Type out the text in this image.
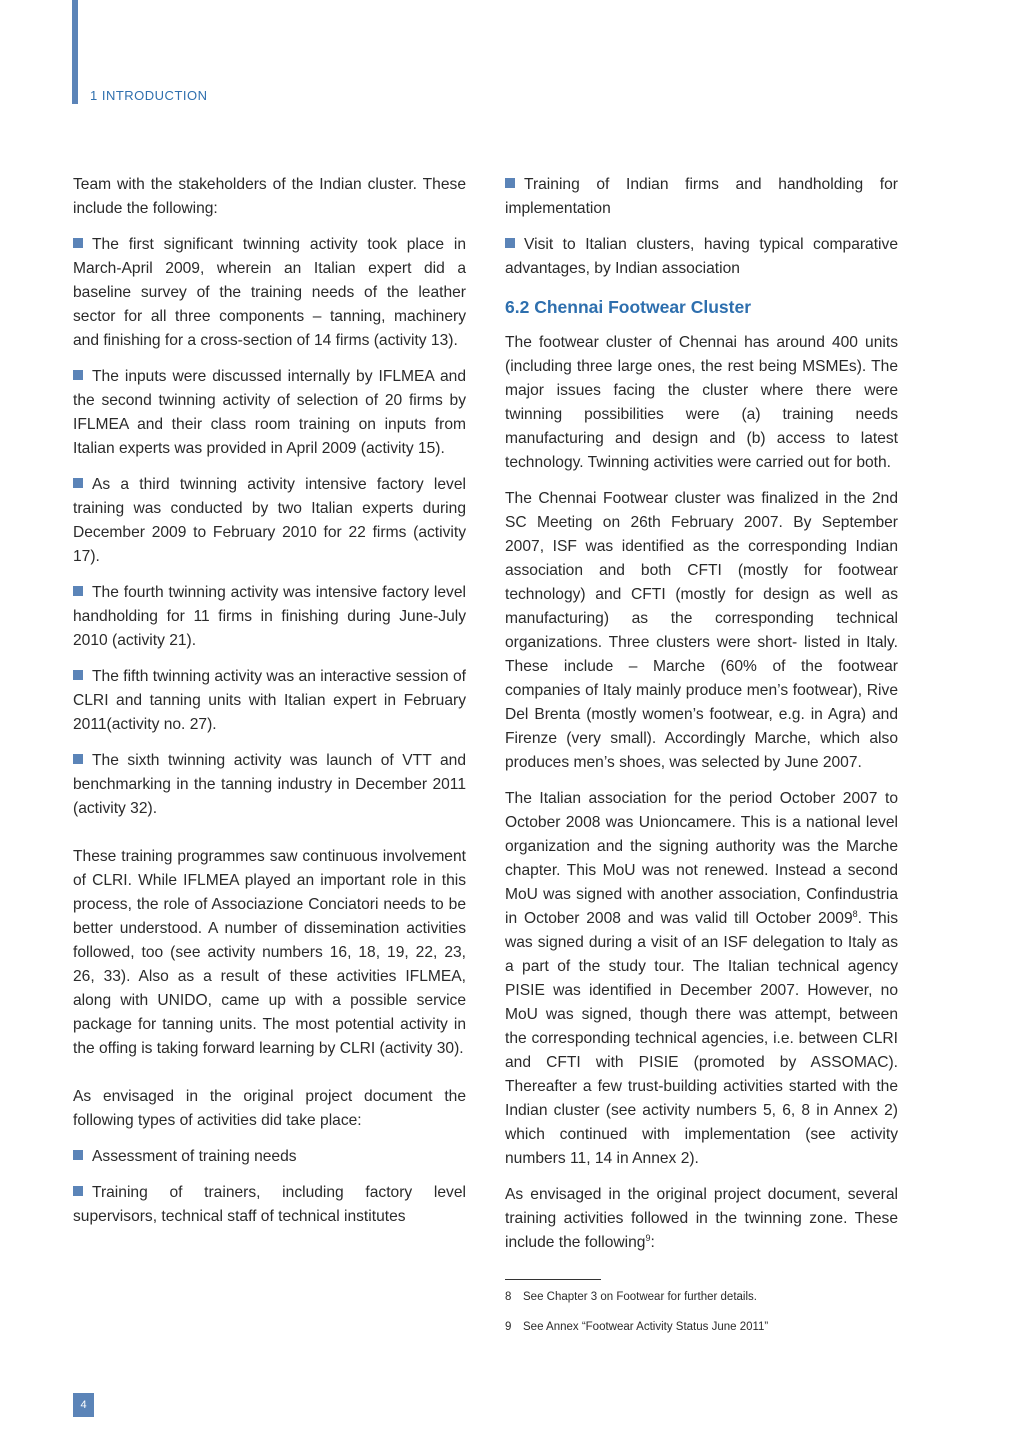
1 INTRODUCTION

Team with the stakeholders of the Indian cluster. These include the following:

The first significant twinning activity took place in March-April 2009, wherein an Italian expert did a baseline survey of the training needs of the leather sector for all three components – tanning, machinery and finishing for a cross-section of 14 firms (activity 13).

The inputs were discussed internally by IFLMEA and the second twinning activity of selection of 20 firms by IFLMEA and their class room training on inputs from Italian experts was provided in April 2009 (activity 15).

As a third twinning activity intensive factory level training was conducted by two Italian experts during December 2009 to February 2010 for 22 firms (activity 17).

The fourth twinning activity was intensive factory level handholding for 11 firms in finishing during June-July 2010 (activity 21).

The fifth twinning activity was an interactive session of CLRI and tanning units with Italian expert in February 2011(activity no. 27).

The sixth twinning activity was launch of VTT and benchmarking in the tanning industry in December 2011 (activity 32).

These training programmes saw continuous involvement of CLRI. While IFLMEA played an important role in this process, the role of Associazione Conciatori needs to be better understood. A number of dissemination activities followed, too (see activity numbers 16, 18, 19, 22, 23, 26, 33). Also as a result of these activities IFLMEA, along with UNIDO, came up with a possible service package for tanning units. The most potential activity in the offing is taking forward learning by CLRI (activity 30).

As envisaged in the original project document the following types of activities did take place:

Assessment of training needs

Training of trainers, including factory level supervisors, technical staff of technical institutes

Training of Indian firms and handholding for implementation

Visit to Italian clusters, having typical comparative advantages, by Indian association

6.2 Chennai Footwear Cluster

The footwear cluster of Chennai has around 400 units (including three large ones, the rest being MSMEs). The major issues facing the cluster where there were twinning possibilities were (a) training needs manufacturing and design and (b) access to latest technology. Twinning activities were carried out for both.

The Chennai Footwear cluster was finalized in the 2nd SC Meeting on 26th February 2007. By September 2007, ISF was identified as the corresponding Indian association and both CFTI (mostly for footwear technology) and CFTI (mostly for design as well as manufacturing) as the corresponding technical organizations. Three clusters were short- listed in Italy. These include – Marche (60% of the footwear companies of Italy mainly produce men’s footwear), Rive Del Brenta (mostly women’s footwear, e.g. in Agra) and Firenze (very small). Accordingly Marche, which also produces men’s shoes, was selected by June 2007.

The Italian association for the period October 2007 to October 2008 was Unioncamere. This is a national level organization and the signing authority was the Marche chapter. This MoU was not renewed. Instead a second MoU was signed with another association, Confindustria in October 2008 and was valid till October 2009$^8$. This was signed during a visit of an ISF delegation to Italy as a part of the study tour. The Italian technical agency PISIE was identified in December 2007. However, no MoU was signed, though there was attempt, between the corresponding technical agencies, i.e. between CLRI and CFTI with PISIE (promoted by ASSOMAC). Thereafter a few trust-building activities started with the Indian cluster (see activity numbers 5, 6, 8 in Annex 2) which continued with implementation (see activity numbers 11, 14 in Annex 2).

As envisaged in the original project document, several training activities followed in the twinning zone. These include the following$^9$:

8 See Chapter 3 on Footwear for further details.

9 See Annex “Footwear Activity Status June 2011”

4
